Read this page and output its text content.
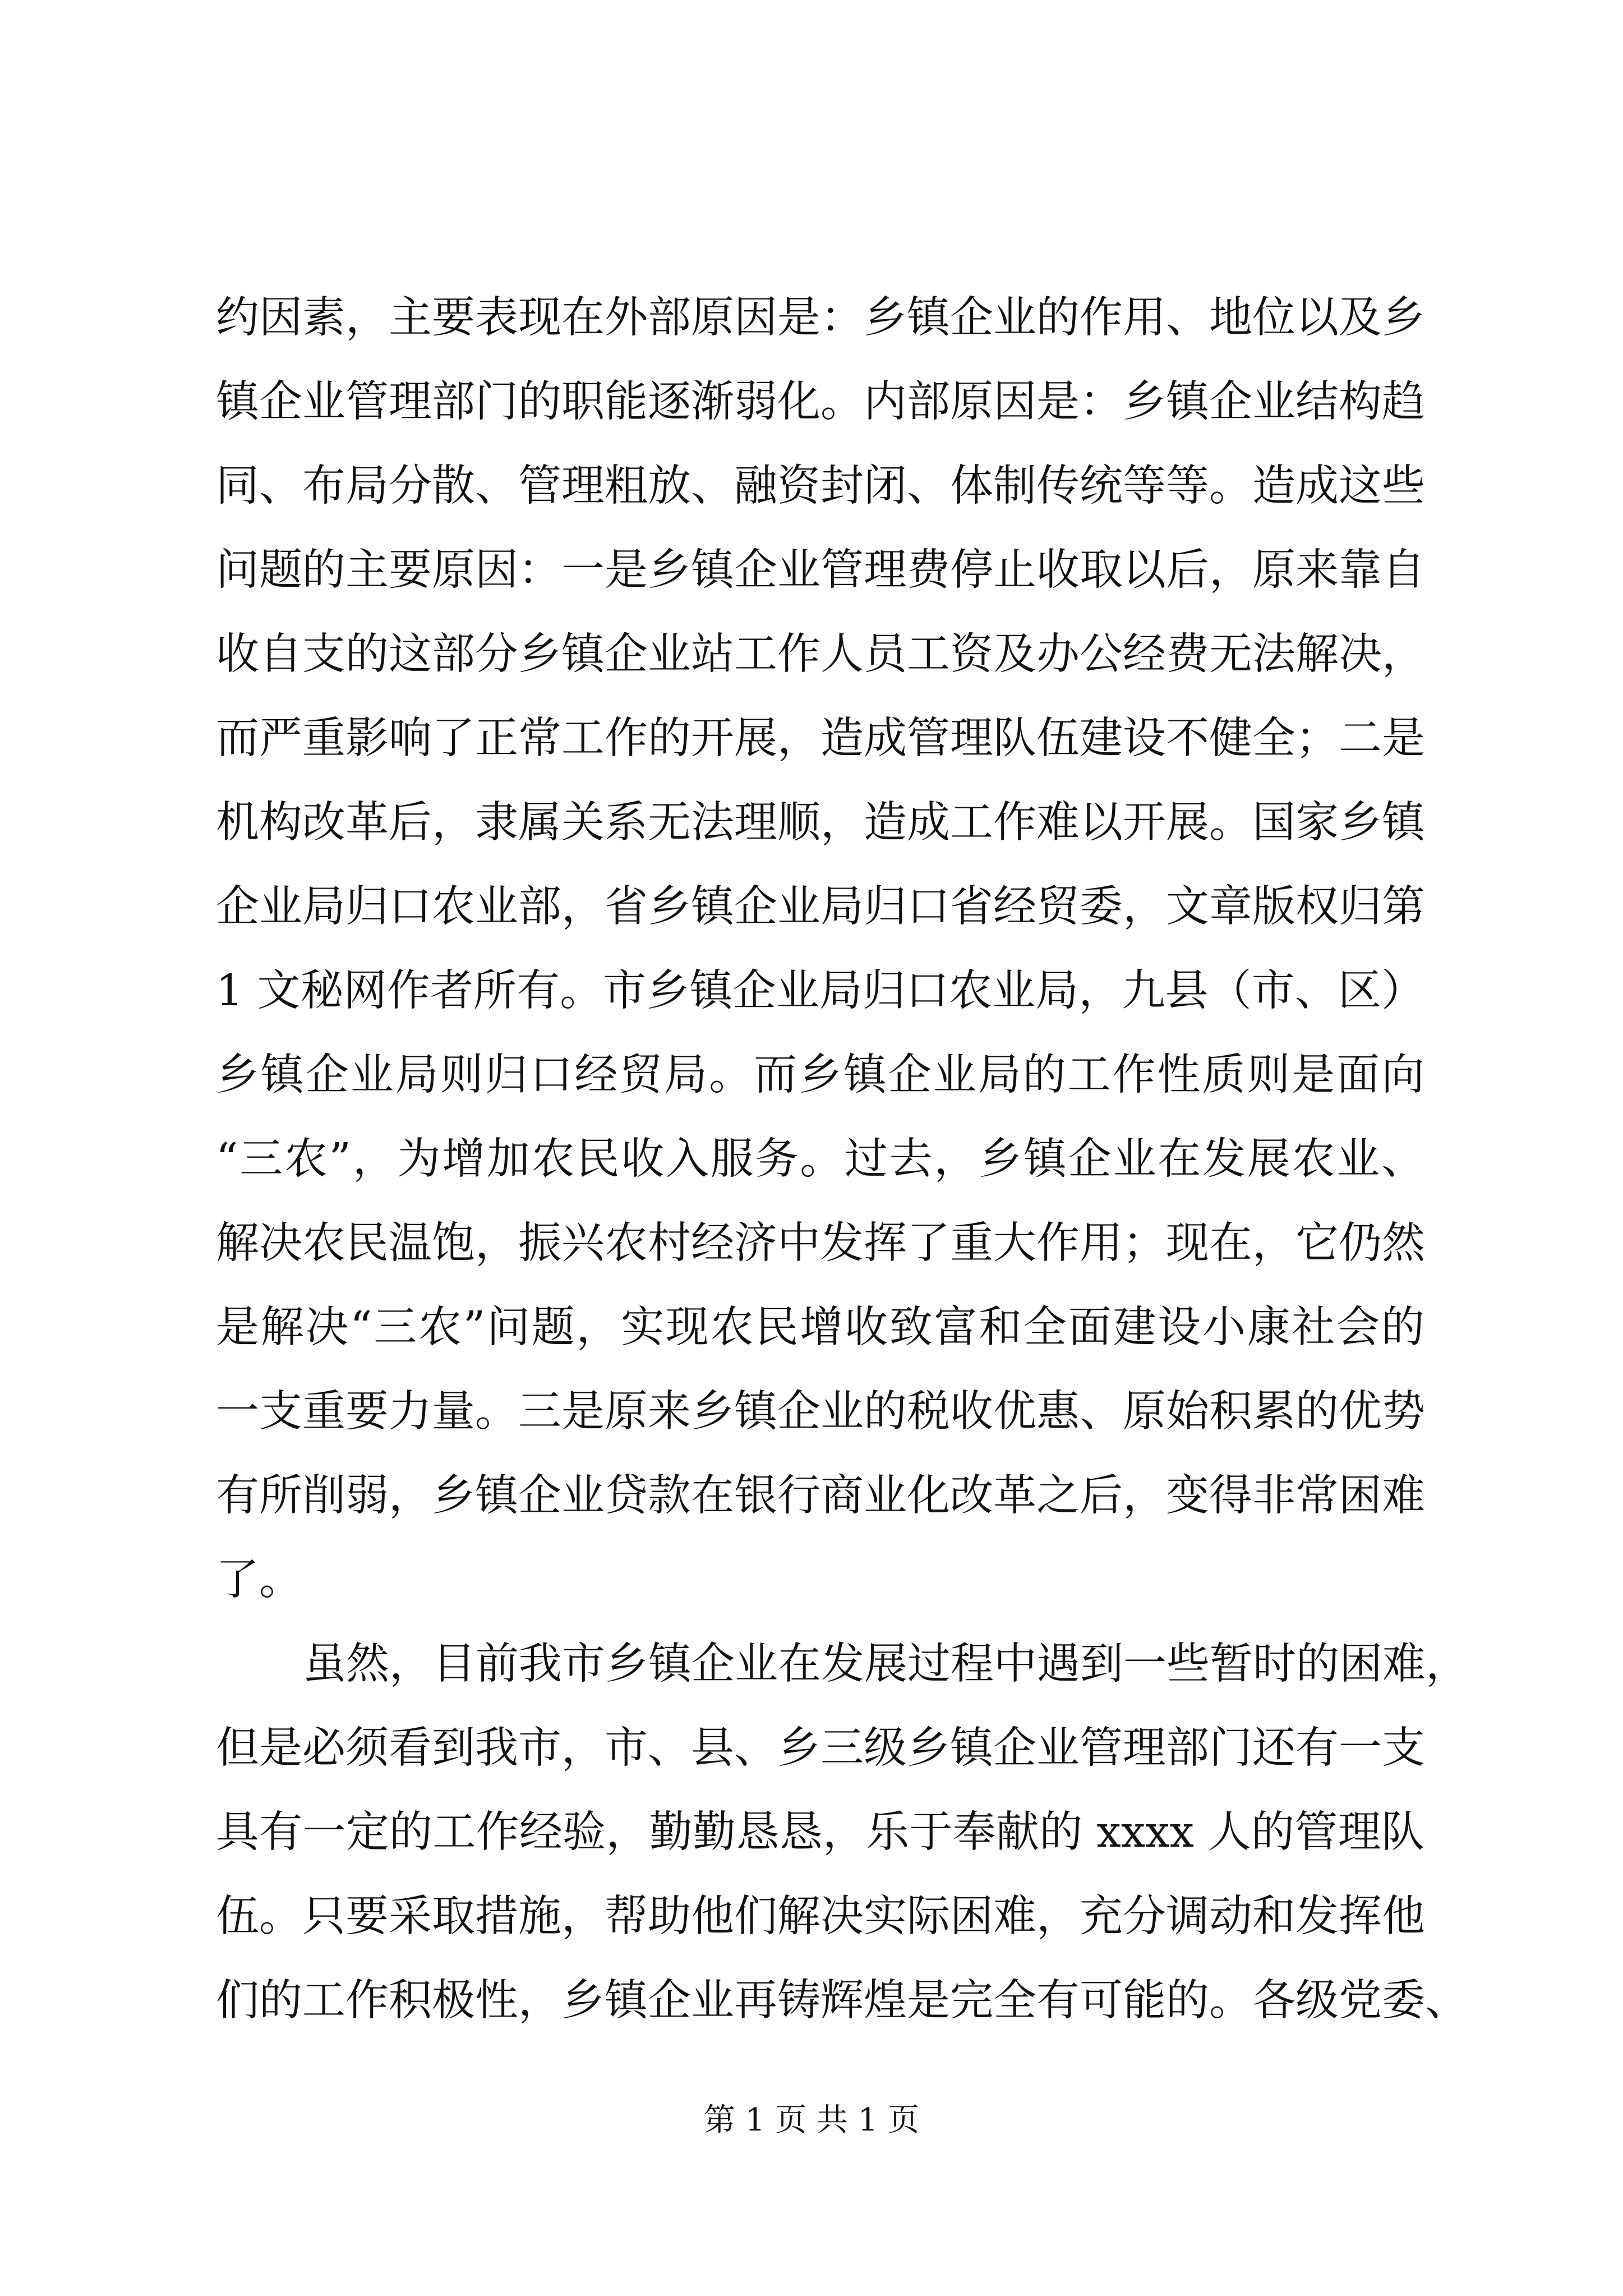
约因素，主要表现在外部原因是：乡镇企业的作用、地位以及乡
镇企业管理部门的职能逐渐弱化。内部原因是：乡镇企业结构趋
同、布局分散、管理粗放、融资封闭、体制传统等等。造成这些
问题的主要原因：一是乡镇企业管理费停止收取以后，原来靠自
收自支的这部分乡镇企业站工作人员工资及办公经费无法解决，
而严重影响了正常工作的开展，造成管理队伍建设不健全；二是
机构改革后，隶属关系无法理顺，造成工作难以开展。国家乡镇
企业局归口农业部，省乡镇企业局归口省经贸委，文章版权归第
1 文秘网作者所有。市乡镇企业局归口农业局，九县（市、区）
乡镇企业局则归口经贸局。而乡镇企业局的工作性质则是面向
“三农”，为增加农民收入服务。过去，乡镇企业在发展农业、
解决农民温饱，振兴农村经济中发挥了重大作用；现在，它仍然
是解决“三农”问题，实现农民增收致富和全面建设小康社会的
一支重要力量。三是原来乡镇企业的税收优惠、原始积累的优势
有所削弱，乡镇企业贷款在银行商业化改革之后，变得非常困难
了。
虽然，目前我市乡镇企业在发展过程中遇到一些暂时的困难，
但是必须看到我市，市、县、乡三级乡镇企业管理部门还有一支
具有一定的工作经验，勤勤恳恳，乐于奉献的 xxxx 人的管理队
伍。只要采取措施，帮助他们解决实际困难，充分调动和发挥他
们的工作积极性，乡镇企业再铸辉煌是完全有可能的。各级党委、
第 1 页 共 1 页
